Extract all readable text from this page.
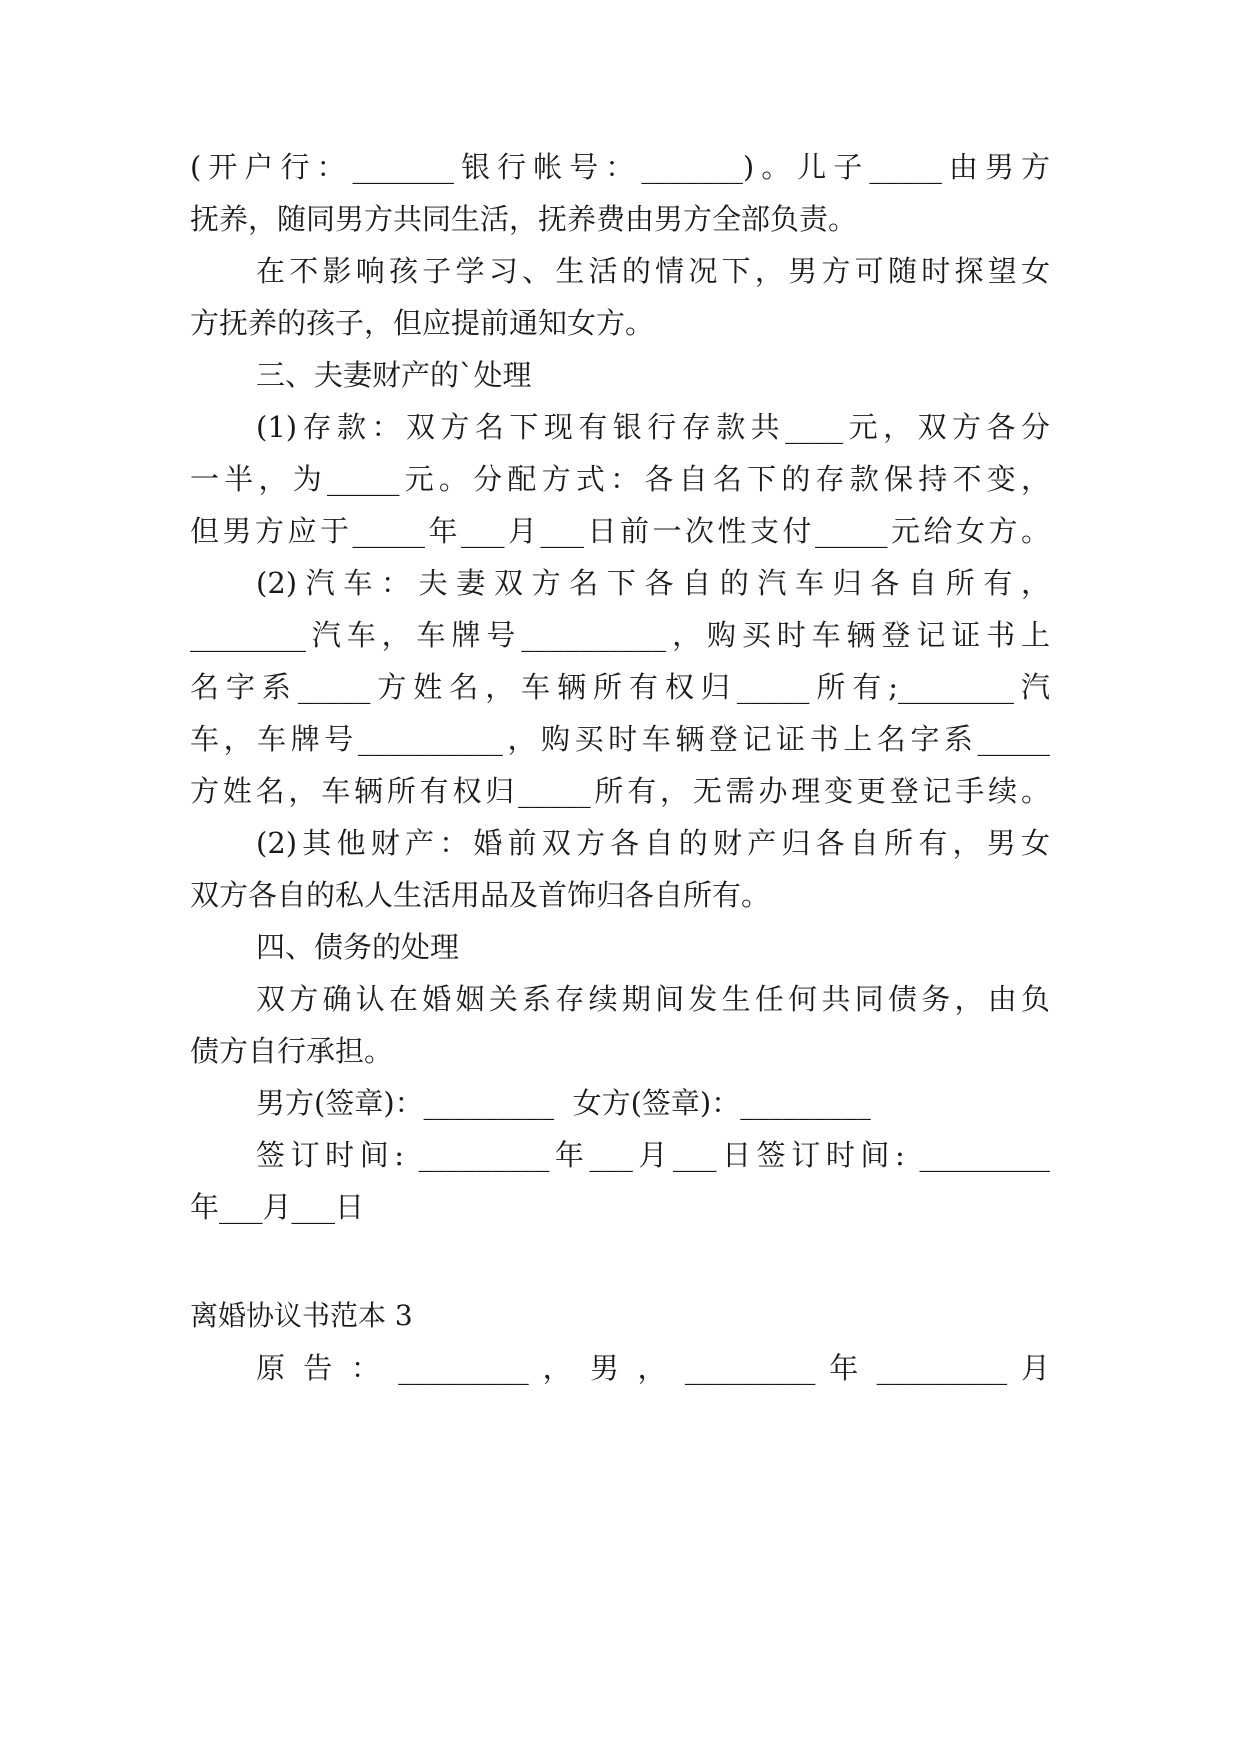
(开户行：_______银行帐号：_______)。儿子_____由男方
抚养，随同男方共同生活，抚养费由男方全部负责。
在不影响孩子学习、生活的情况下，男方可随时探望女
方抚养的孩子，但应提前通知女方。
三、夫妻财产的`处理
(1)存款：双方名下现有银行存款共____元，双方各分
一半，为_____元。分配方式：各自名下的存款保持不变，
但男方应于_____年___月___日前一次性支付_____元给女方。
(2)汽车：夫妻双方名下各自的汽车归各自所有，
________汽车，车牌号__________，购买时车辆登记证书上
名字系_____方姓名，车辆所有权归_____所有;________汽
车，车牌号__________，购买时车辆登记证书上名字系_____
方姓名，车辆所有权归_____所有，无需办理变更登记手续。
(2)其他财产：婚前双方各自的财产归各自所有，男女
双方各自的私人生活用品及首饰归各自所有。
四、债务的处理
双方确认在婚姻关系存续期间发生任何共同债务，由负
债方自行承担。
男方(签章)：_________  女方(签章)：_________
签订时间: _________年___月___日签订时间: _________
年___月___日
离婚协议书范本 3
原 告 ： _________ ， 男 ， _________ 年 _________ 月
